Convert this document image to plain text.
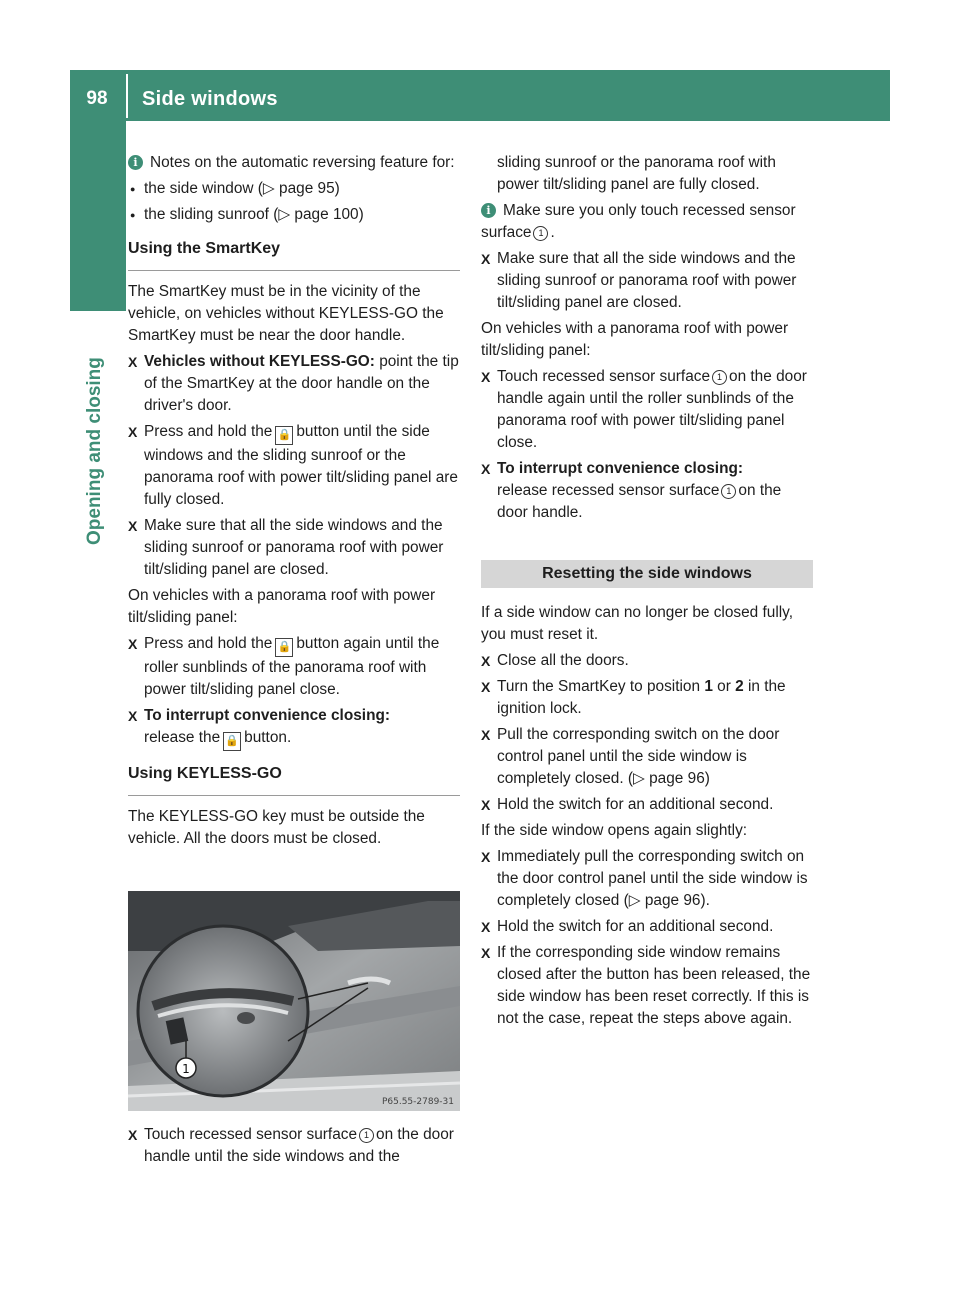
98	Side windows
Opening and closing

i Notes on the automatic reversing feature for:

● the side window (▷ page 95)

● the sliding sunroof (▷ page 100)

Using the SmartKey

The SmartKey must be in the vicinity of the vehicle, on vehicles without KEYLESS-GO the SmartKey must be near the door handle.

X Vehicles without KEYLESS-GO: point the tip of the SmartKey at the door handle on the driver's door.

X Press and hold the 🔒 button until the side windows and the sliding sunroof or the panorama roof with power tilt/sliding panel are fully closed.

X Make sure that all the side windows and the sliding sunroof or panorama roof with power tilt/sliding panel are closed.

On vehicles with a panorama roof with power tilt/sliding panel:

X Press and hold the 🔒 button again until the roller sunblinds of the panorama roof with power tilt/sliding panel close.

X To interrupt convenience closing:
release the 🔒 button.

Using KEYLESS-GO

The KEYLESS-GO key must be outside the vehicle. All the doors must be closed.

1
P65.55-2789-31

X Touch recessed sensor surface 1 on the door handle until the side windows and the

sliding sunroof or the panorama roof with power tilt/sliding panel are fully closed.

i Make sure you only touch recessed sensor surface 1 .

X Make sure that all the side windows and the sliding sunroof or panorama roof with power tilt/sliding panel are closed.

On vehicles with a panorama roof with power tilt/sliding panel:

X Touch recessed sensor surface 1 on the door handle again until the roller sunblinds of the panorama roof with power tilt/sliding panel close.

X To interrupt convenience closing:
release recessed sensor surface 1 on the door handle.

Resetting the side windows

If a side window can no longer be closed fully, you must reset it.

X Close all the doors.

X Turn the SmartKey to position 1 or 2 in the ignition lock.

X Pull the corresponding switch on the door control panel until the side window is completely closed. (▷ page 96)

X Hold the switch for an additional second.

If the side window opens again slightly:

X Immediately pull the corresponding switch on the door control panel until the side window is completely closed (▷ page 96).

X Hold the switch for an additional second.

X If the corresponding side window remains closed after the button has been released, the side window has been reset correctly. If this is not the case, repeat the steps above again.
